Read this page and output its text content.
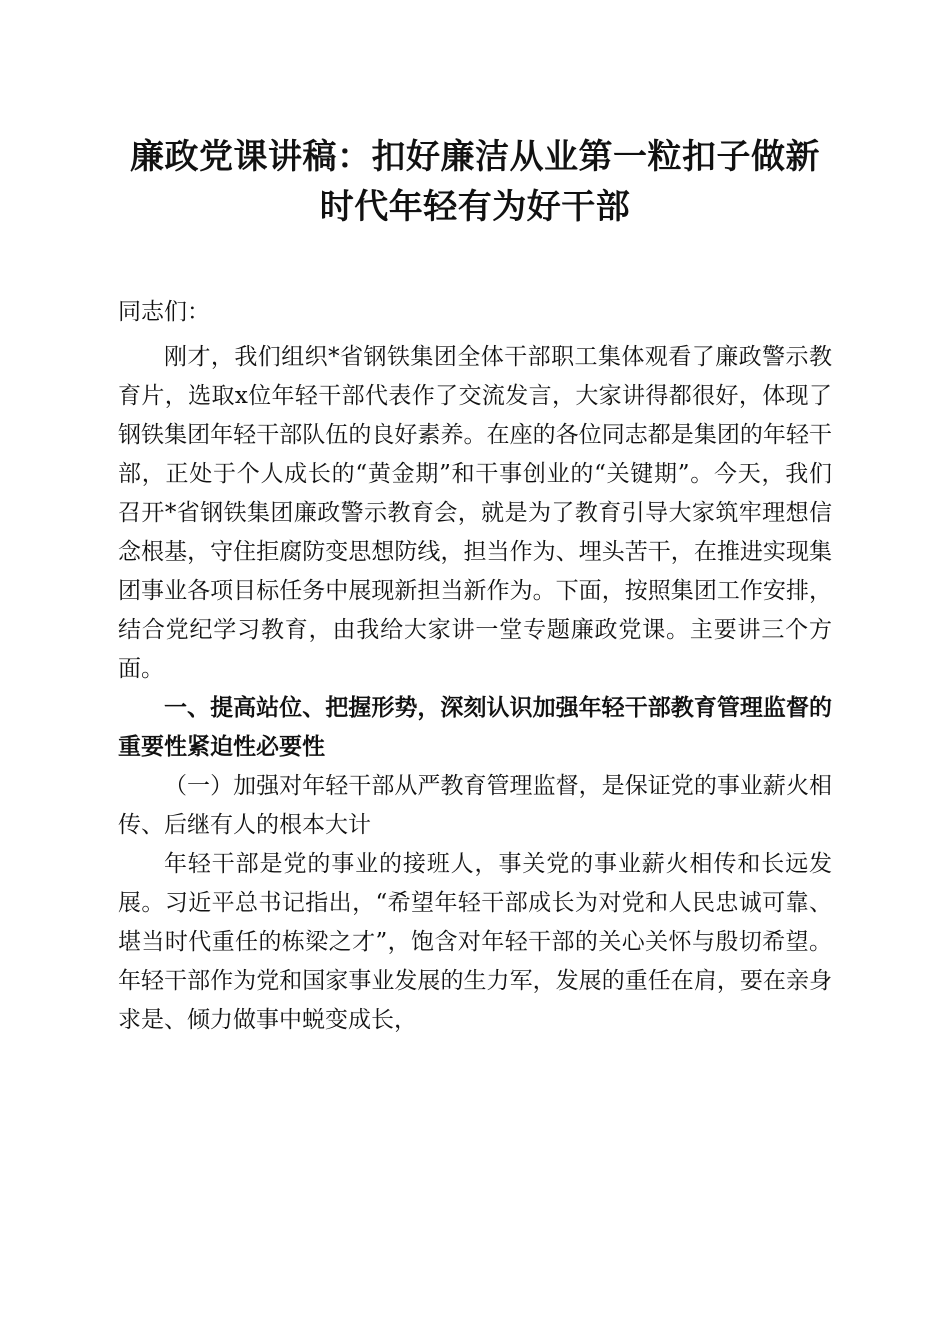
廉政党课讲稿：扣好廉洁从业第一粒扣子做新
时代年轻有为好干部

同志们：

刚才，我们组织*省钢铁集团全体干部职工集体观看了廉政警示教育片，选取x位年轻干部代表作了交流发言，大家讲得都很好，体现了钢铁集团年轻干部队伍的良好素养。在座的各位同志都是集团的年轻干部，正处于个人成长的“黄金期”和干事创业的“关键期”。今天，我们召开*省钢铁集团廉政警示教育会，就是为了教育引导大家筑牢理想信念根基，守住拒腐防变思想防线，担当作为、埋头苦干，在推进实现集团事业各项目标任务中展现新担当新作为。下面，按照集团工作安排，结合党纪学习教育，由我给大家讲一堂专题廉政党课。主要讲三个方面。

一、提高站位、把握形势，深刻认识加强年轻干部教育管理监督的重要性紧迫性必要性

（一）加强对年轻干部从严教育管理监督，是保证党的事业薪火相传、后继有人的根本大计

年轻干部是党的事业的接班人，事关党的事业薪火相传和长远发展。习近平总书记指出，“希望年轻干部成长为对党和人民忠诚可靠、堪当时代重任的栋梁之才”，饱含对年轻干部的关心关怀与殷切希望。年轻干部作为党和国家事业发展的生力军，发展的重任在肩，要在亲身求是、倾力做事中蜕变成长，
